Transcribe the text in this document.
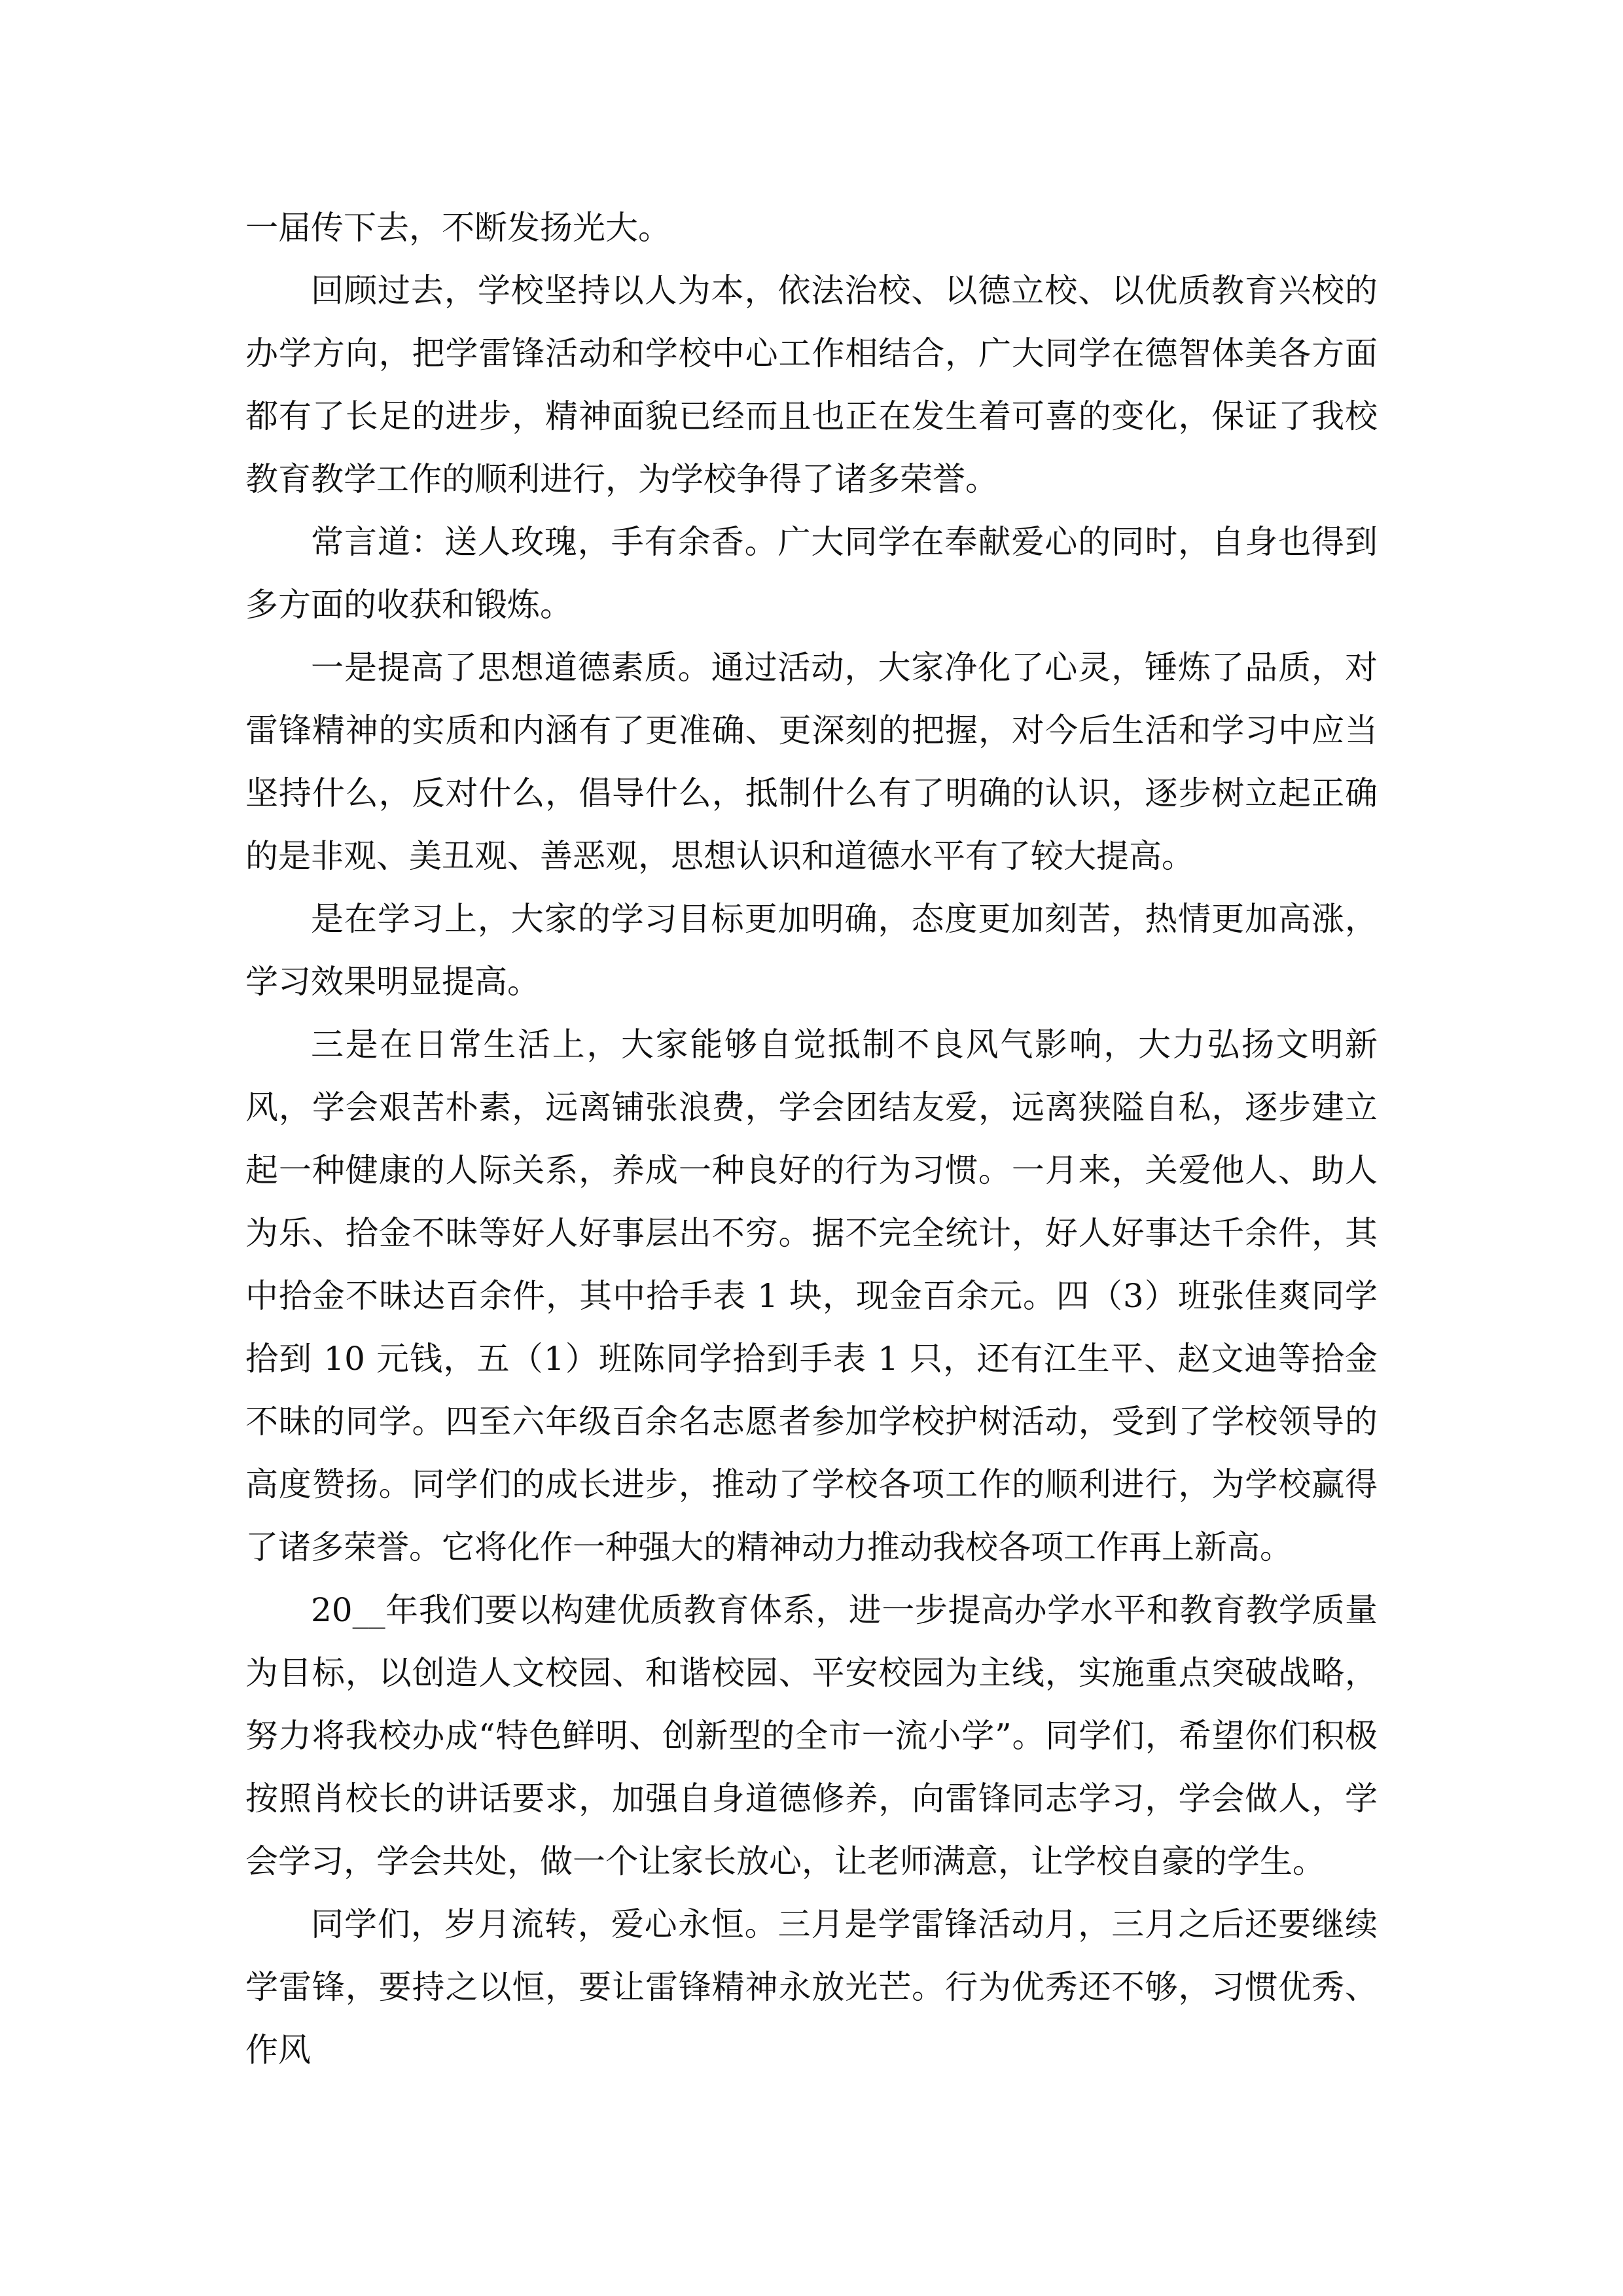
一届传下去，不断发扬光大。

回顾过去，学校坚持以人为本，依法治校、以德立校、以优质教育兴校的办学方向，把学雷锋活动和学校中心工作相结合，广大同学在德智体美各方面都有了长足的进步，精神面貌已经而且也正在发生着可喜的变化，保证了我校教育教学工作的顺利进行，为学校争得了诸多荣誉。

常言道：送人玫瑰，手有余香。广大同学在奉献爱心的同时，自身也得到多方面的收获和锻炼。

一是提高了思想道德素质。通过活动，大家净化了心灵，锤炼了品质，对雷锋精神的实质和内涵有了更准确、更深刻的把握，对今后生活和学习中应当坚持什么，反对什么，倡导什么，抵制什么有了明确的认识，逐步树立起正确的是非观、美丑观、善恶观，思想认识和道德水平有了较大提高。

是在学习上，大家的学习目标更加明确，态度更加刻苦，热情更加高涨，学习效果明显提高。

三是在日常生活上，大家能够自觉抵制不良风气影响，大力弘扬文明新风，学会艰苦朴素，远离铺张浪费，学会团结友爱，远离狭隘自私，逐步建立起一种健康的人际关系，养成一种良好的行为习惯。一月来，关爱他人、助人为乐、拾金不昧等好人好事层出不穷。据不完全统计，好人好事达千余件，其中拾金不昧达百余件，其中拾手表 1 块，现金百余元。四（3）班张佳爽同学拾到 10 元钱，五（1）班陈同学拾到手表 1 只，还有江生平、赵文迪等拾金不昧的同学。四至六年级百余名志愿者参加学校护树活动，受到了学校领导的高度赞扬。同学们的成长进步，推动了学校各项工作的顺利进行，为学校赢得了诸多荣誉。它将化作一种强大的精神动力推动我校各项工作再上新高。

20__年我们要以构建优质教育体系，进一步提高办学水平和教育教学质量为目标，以创造人文校园、和谐校园、平安校园为主线，实施重点突破战略，努力将我校办成“特色鲜明、创新型的全市一流小学”。同学们，希望你们积极按照肖校长的讲话要求，加强自身道德修养，向雷锋同志学习，学会做人，学会学习，学会共处，做一个让家长放心，让老师满意，让学校自豪的学生。

同学们，岁月流转，爱心永恒。三月是学雷锋活动月，三月之后还要继续学雷锋，要持之以恒，要让雷锋精神永放光芒。行为优秀还不够，习惯优秀、作风
